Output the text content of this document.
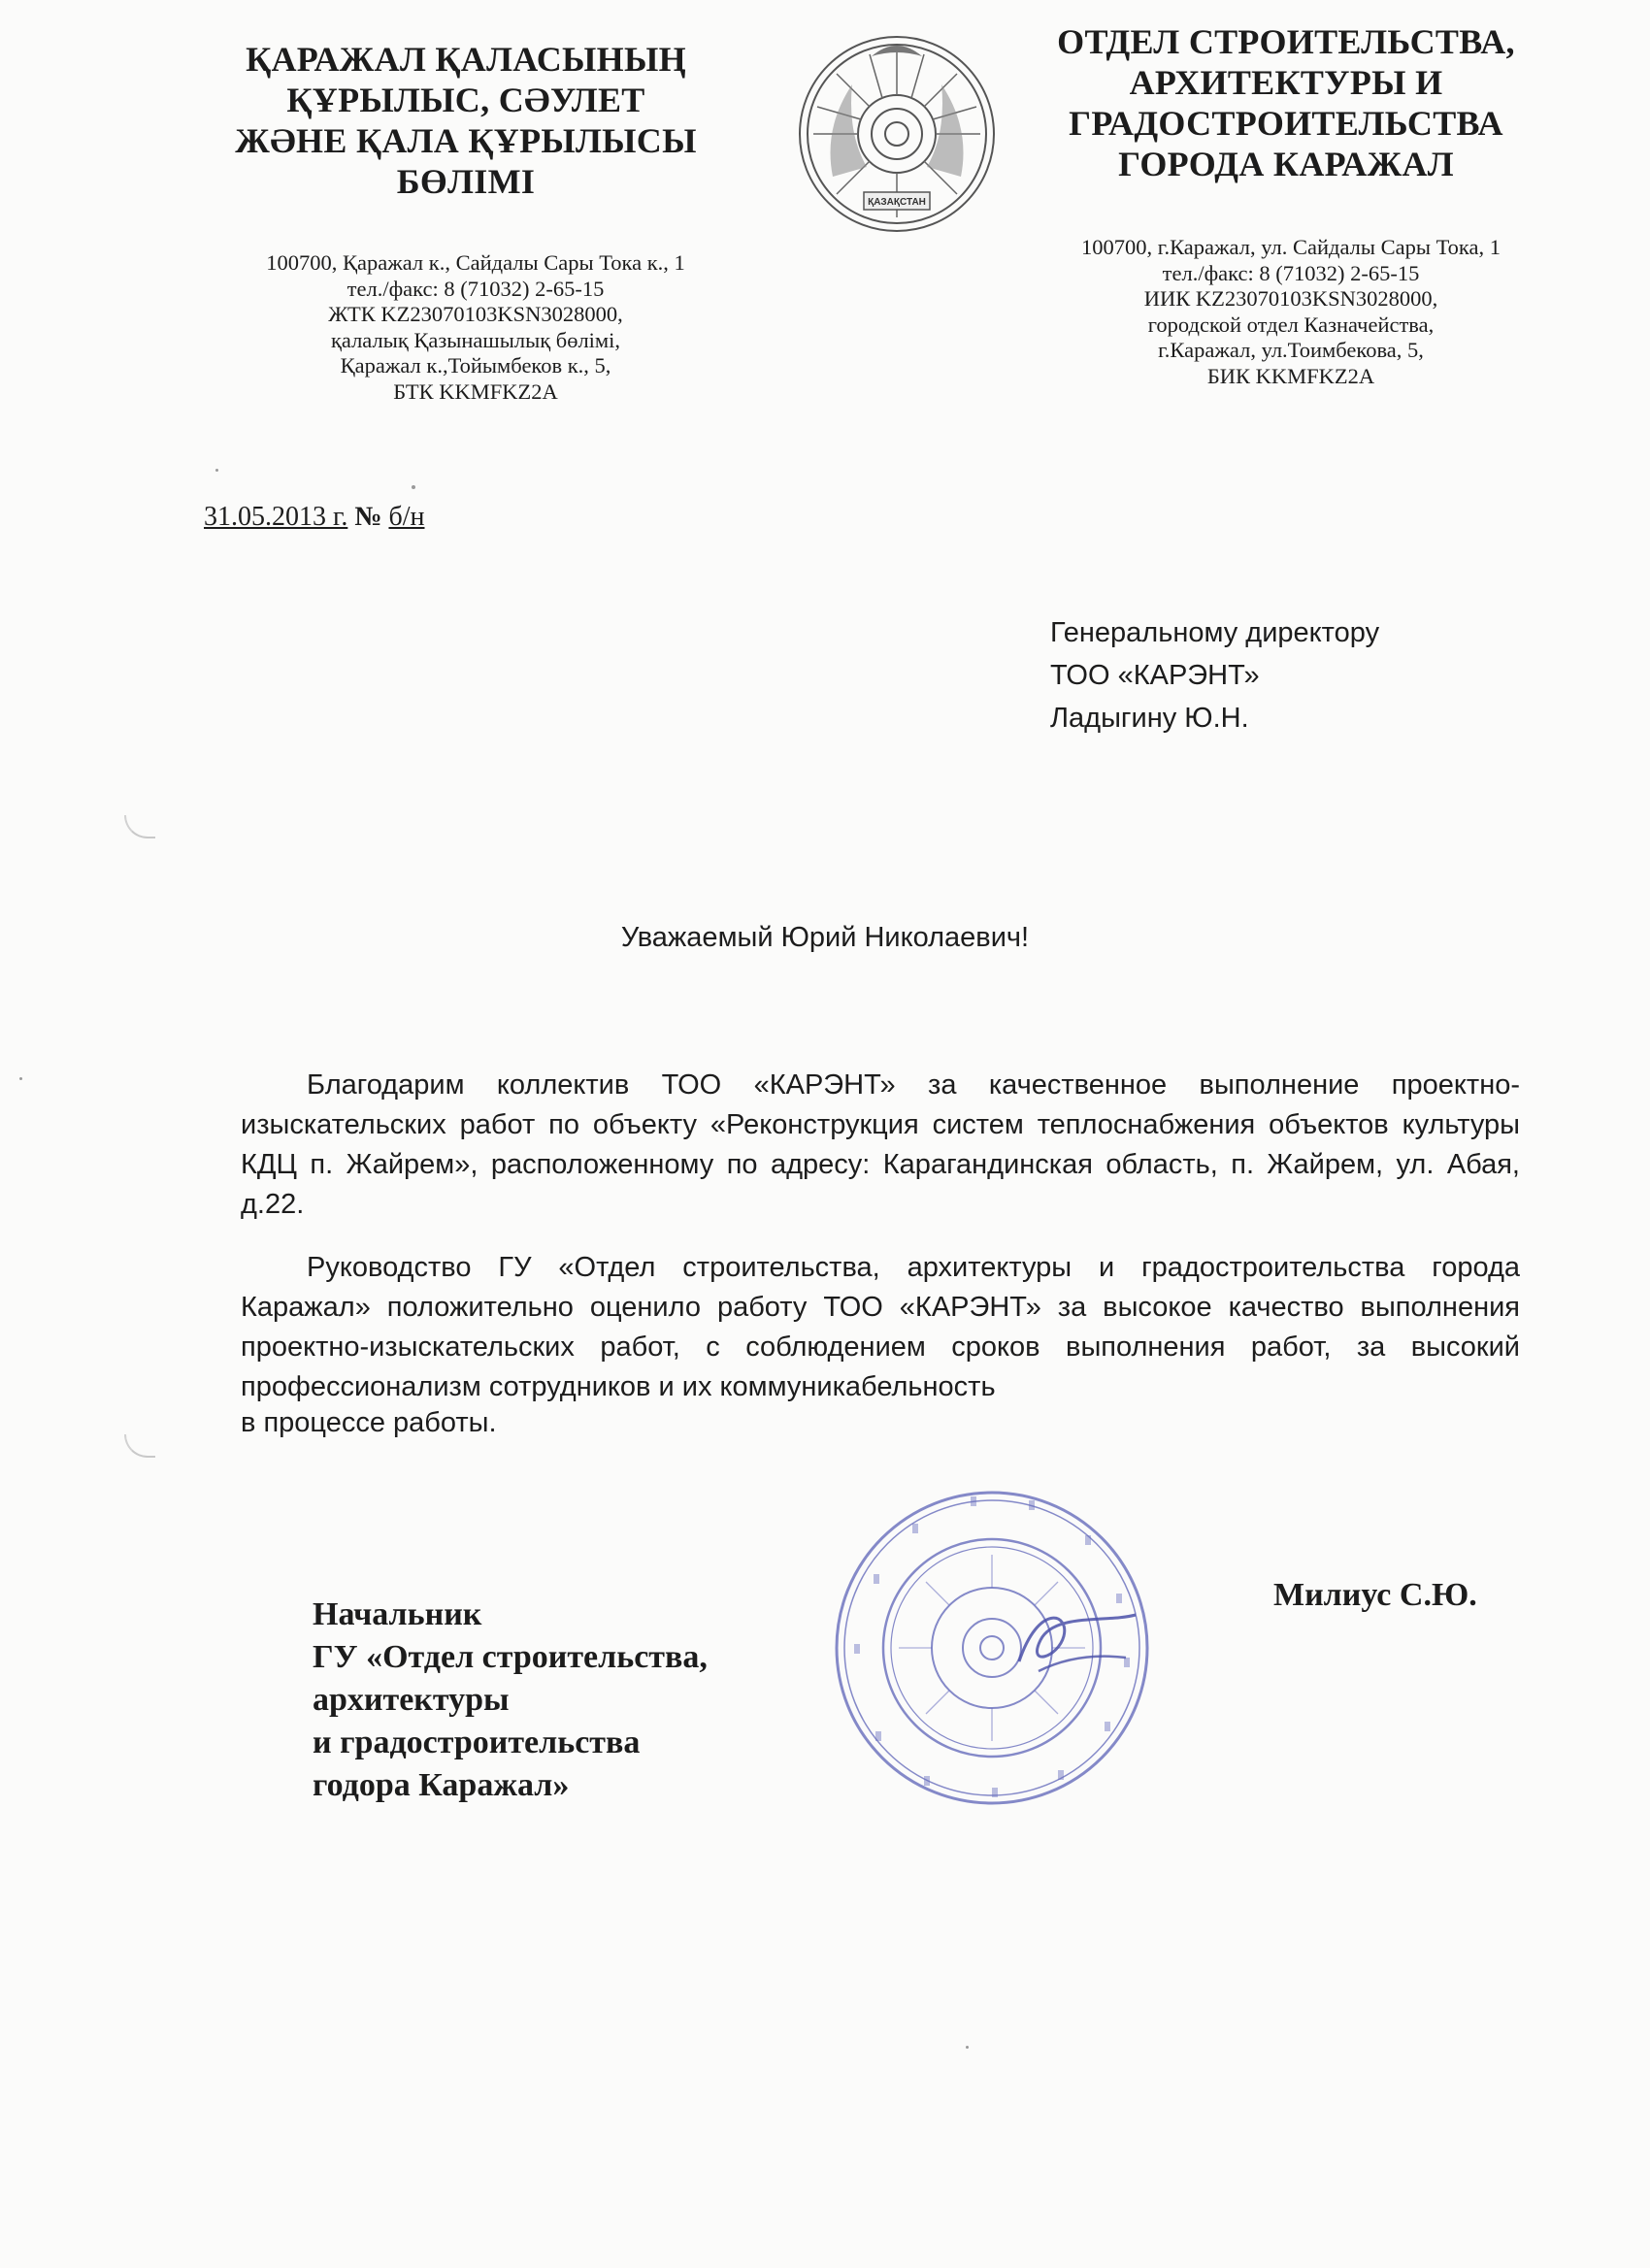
ҚАРАЖАЛ ҚАЛАСЫНЫҢ
ҚҰРЫЛЫС, СӘУЛЕТ
ЖӘНЕ ҚАЛА ҚҰРЫЛЫСЫ
БӨЛІМІ
ОТДЕЛ СТРОИТЕЛЬСТВА,
АРХИТЕКТУРЫ И
ГРАДОСТРОИТЕЛЬСТВА
ГОРОДА КАРАЖАЛ
ҚАЗАҚСТАН
100700, Қаражал к., Сайдалы Сары Тока к., 1
тел./факс: 8 (71032) 2-65-15
ЖТК KZ23070103KSN3028000,
қалалық Қазынашылық бөлімі,
Қаражал к.,Тойымбеков к., 5,
БТК KKMFKZ2A
100700, г.Каражал, ул. Сайдалы Сары Тока, 1
тел./факс: 8 (71032) 2-65-15
ИИК KZ23070103KSN3028000,
городской отдел Казначейства,
г.Каражал, ул.Тоимбекова, 5,
БИК KKMFKZ2A
31.05.2013 г. № б/н
Генеральному директору
ТОО «КАРЭНТ»
Ладыгину Ю.Н.
Уважаемый Юрий Николаевич!
Благодарим коллектив ТОО «КАРЭНТ» за качественное выполнение проектно-изыскательских работ по объекту «Реконструкция систем теплоснабжения объектов культуры КДЦ п. Жайрем», расположенному по адресу: Карагандинская область, п. Жайрем, ул. Абая, д.22.
Руководство ГУ «Отдел строительства, архитектуры и градостроительства города Каражал» положительно оценило работу ТОО «КАРЭНТ» за высокое качество выполнения проектно-изыскательских работ, с соблюдением сроков выполнения работ, за высокий профессионализм сотрудников и их коммуникабельность
в процессе работы.
Начальник
ГУ «Отдел строительства,
архитектуры
и градостроительства
годора Каражал»
Милиус С.Ю.
